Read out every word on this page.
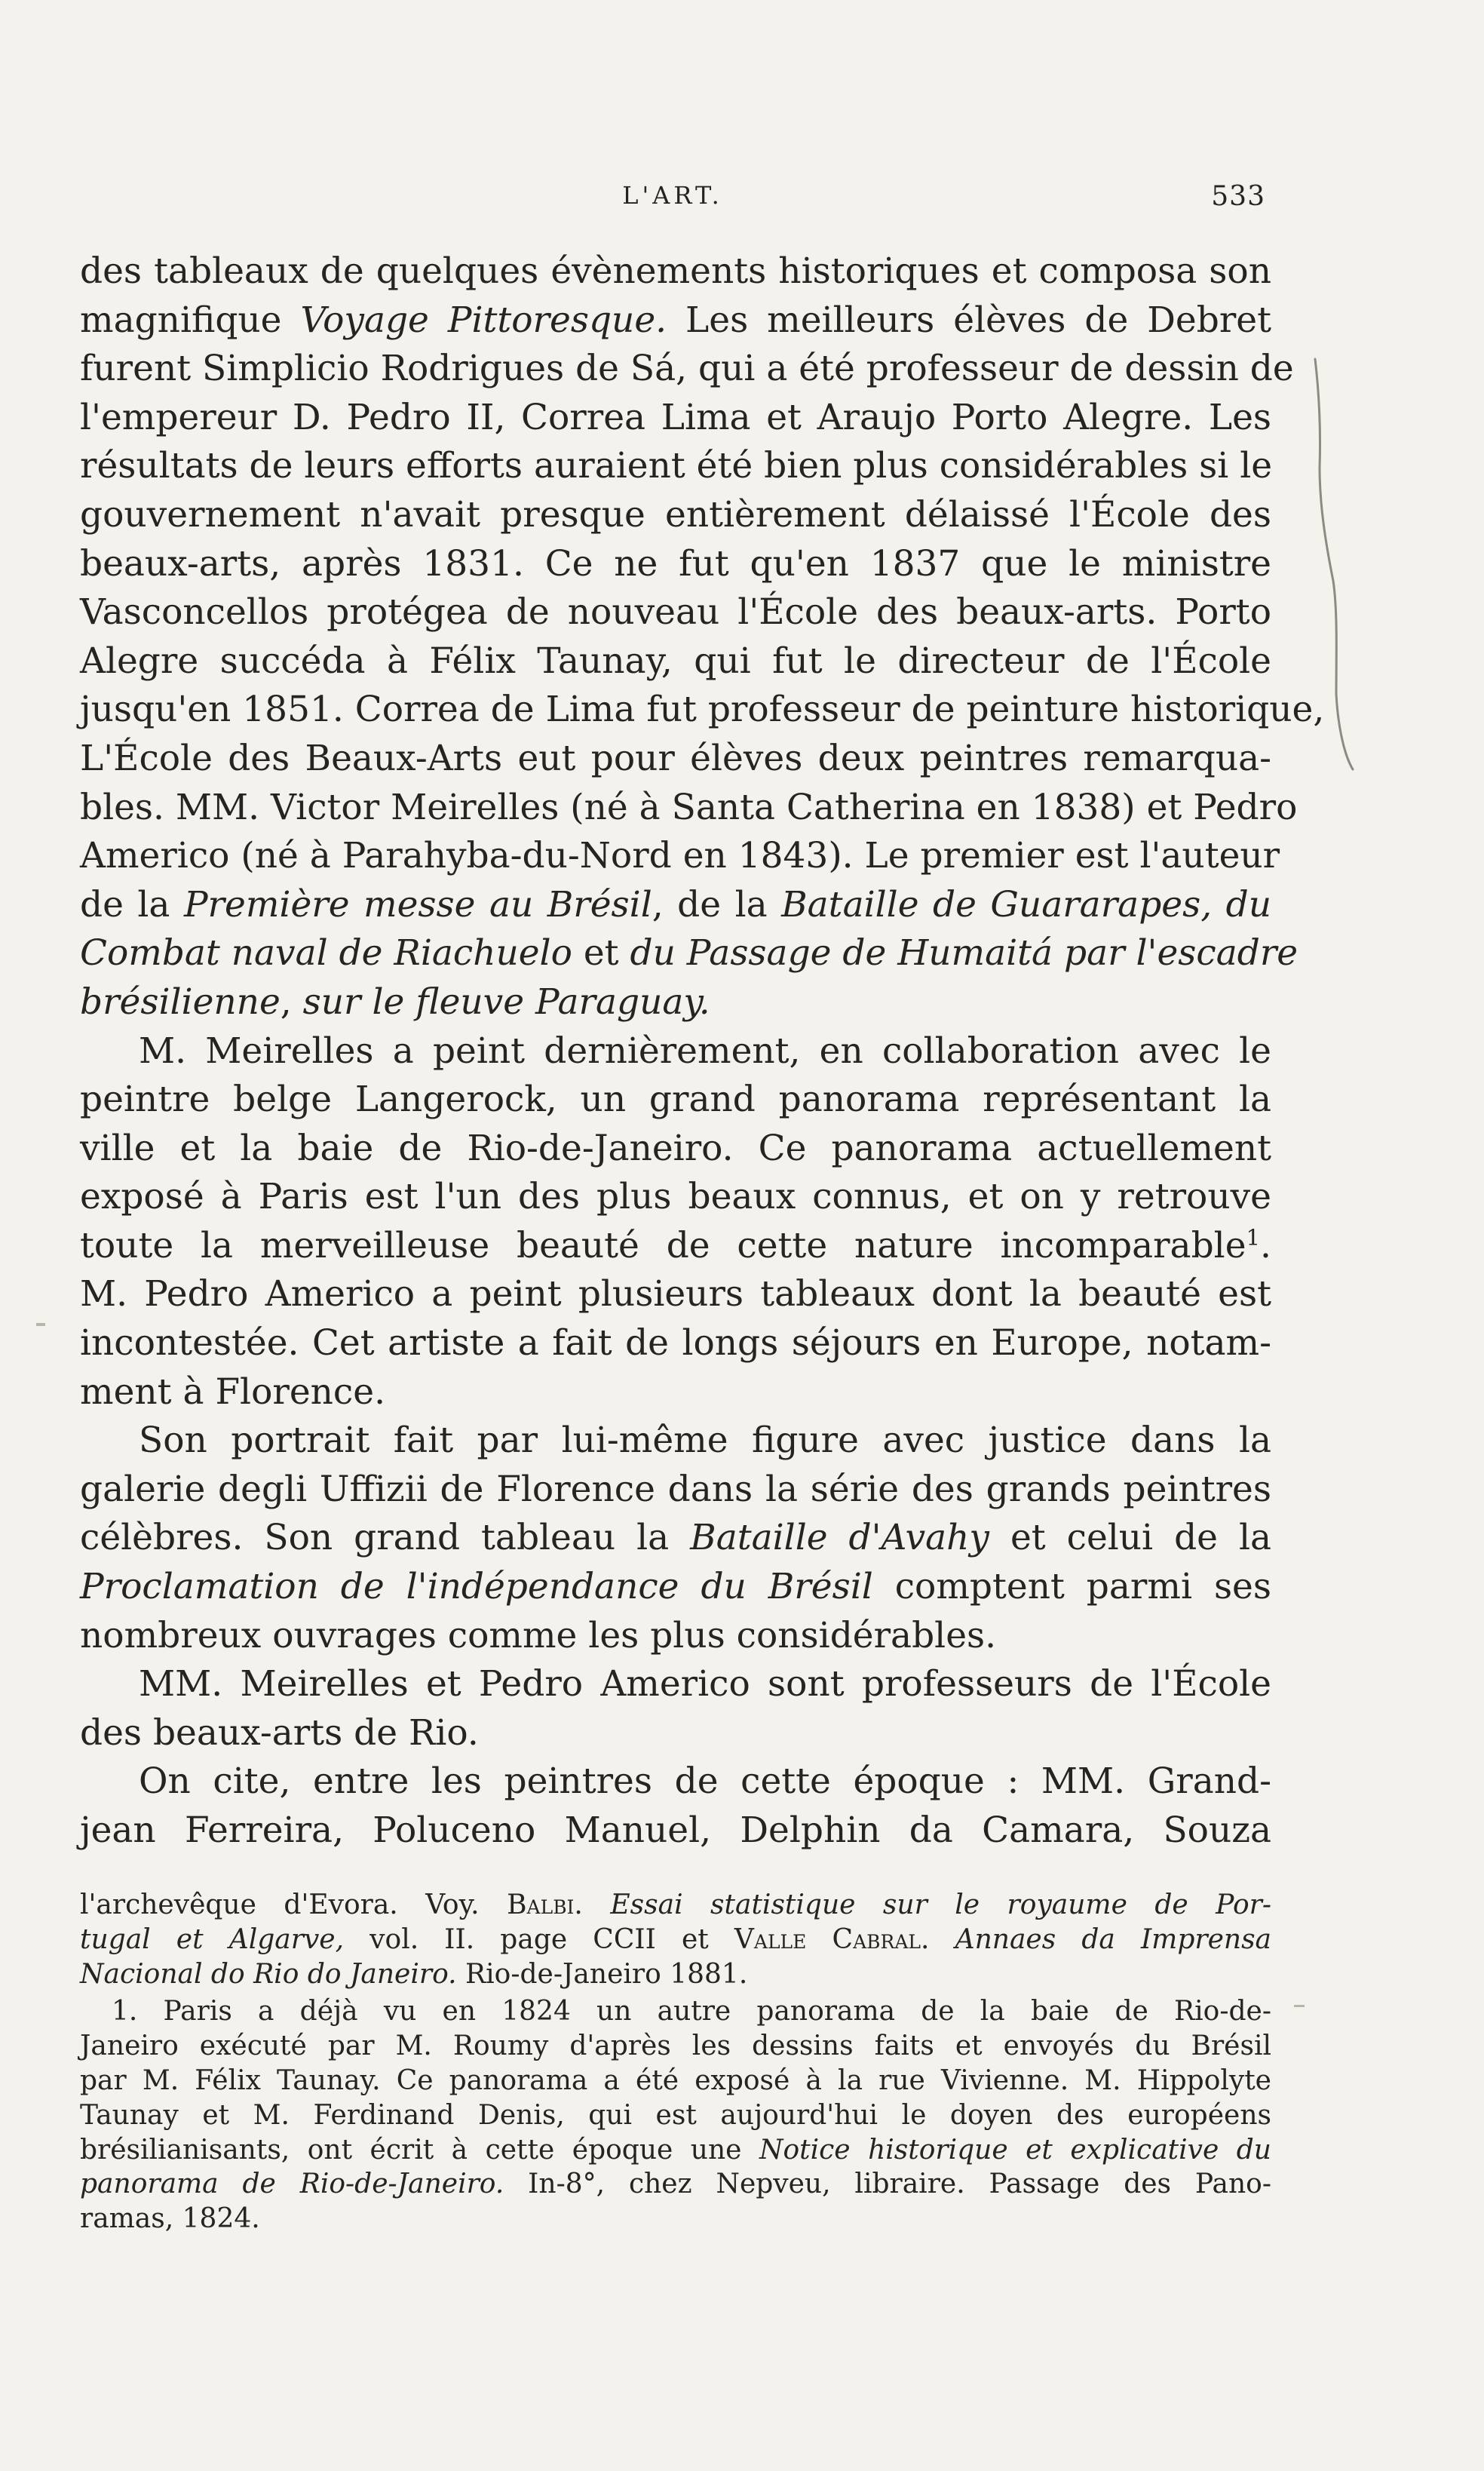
L'ART.	533

des tableaux de quelques évènements historiques et composa son
magnifique Voyage Pittoresque. Les meilleurs élèves de Debret
furent Simplicio Rodrigues de Sá, qui a été professeur de dessin de
l'empereur D. Pedro II, Correa Lima et Araujo Porto Alegre. Les
résultats de leurs efforts auraient été bien plus considérables si le
gouvernement n'avait presque entièrement délaissé l'École des
beaux-arts, après 1831. Ce ne fut qu'en 1837 que le ministre
Vasconcellos protégea de nouveau l'École des beaux-arts. Porto
Alegre succéda à Félix Taunay, qui fut le directeur de l'École
jusqu'en 1851. Correa de Lima fut professeur de peinture historique,
L'École des Beaux-Arts eut pour élèves deux peintres remarqua-
bles. MM. Victor Meirelles (né à Santa Catherina en 1838) et Pedro
Americo (né à Parahyba-du-Nord en 1843). Le premier est l'auteur
de la Première messe au Brésil, de la Bataille de Guararapes, du
Combat naval de Riachuelo et du Passage de Humaitá par l'escadre
brésilienne, sur le fleuve Paraguay.

M. Meirelles a peint dernièrement, en collaboration avec le
peintre belge Langerock, un grand panorama représentant la
ville et la baie de Rio-de-Janeiro. Ce panorama actuellement
exposé à Paris est l'un des plus beaux connus, et on y retrouve
toute la merveilleuse beauté de cette nature incomparable$^1$.
M. Pedro Americo a peint plusieurs tableaux dont la beauté est
incontestée. Cet artiste a fait de longs séjours en Europe, notam-
ment à Florence.

Son portrait fait par lui-même figure avec justice dans la
galerie degli Uffizii de Florence dans la série des grands peintres
célèbres. Son grand tableau la Bataille d'Avahy et celui de la
Proclamation de l'indépendance du Brésil comptent parmi ses
nombreux ouvrages comme les plus considérables.

MM. Meirelles et Pedro Americo sont professeurs de l'École
des beaux-arts de Rio.

On cite, entre les peintres de cette époque : MM. Grand-
jean Ferreira, Poluceno Manuel, Delphin da Camara, Souza

l'archevêque d'Evora. Voy. Balbi. Essai statistique sur le royaume de Por-
tugal et Algarve, vol. II. page CCII et Valle Cabral. Annaes da Imprensa
Nacional do Rio do Janeiro. Rio-de-Janeiro 1881.
1. Paris a déjà vu en 1824 un autre panorama de la baie de Rio-de-
Janeiro exécuté par M. Roumy d'après les dessins faits et envoyés du Brésil
par M. Félix Taunay. Ce panorama a été exposé à la rue Vivienne. M. Hippolyte
Taunay et M. Ferdinand Denis, qui est aujourd'hui le doyen des européens
brésilianisants, ont écrit à cette époque une Notice historique et explicative du
panorama de Rio-de-Janeiro. In-8°, chez Nepveu, libraire. Passage des Pano-
ramas, 1824.
